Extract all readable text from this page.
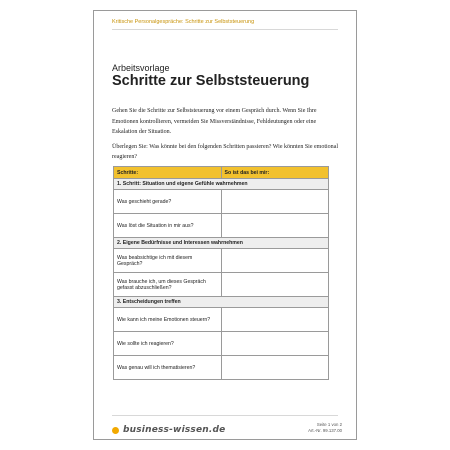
Kritische Personalgespräche: Schritte zur Selbststeuerung
Arbeitsvorlage
Schritte zur Selbststeuerung

Gehen Sie die Schritte zur Selbststeuerung vor einem Gespräch durch. Wenn Sie Ihre Emotionen kontrollieren, vermeiden Sie Missverständnisse, Fehldeutungen oder eine Eskalation der Situation.

Überlegen Sie: Was könnte bei den folgenden Schritten passieren? Wie könnten Sie emotional reagieren?

Schritte:	So ist das bei mir:
1. Schritt: Situation und eigene Gefühle wahrnehmen	
Was geschieht gerade?	
Was löst die Situation in mir aus?	
2. Eigene Bedürfnisse und Interessen wahrnehmen	
Was beabsichtige ich mit diesem Gespräch?	
Was brauche ich, um dieses Gespräch gefasst abzuschließen?	
3. Entscheidungen treffen	
Wie kann ich meine Emotionen steuern?	
Wie sollte ich reagieren?	
Was genau will ich thematisieren?	
business-wissen.de
Seite 1 von 2
Art.-Nr. 99.137.00
